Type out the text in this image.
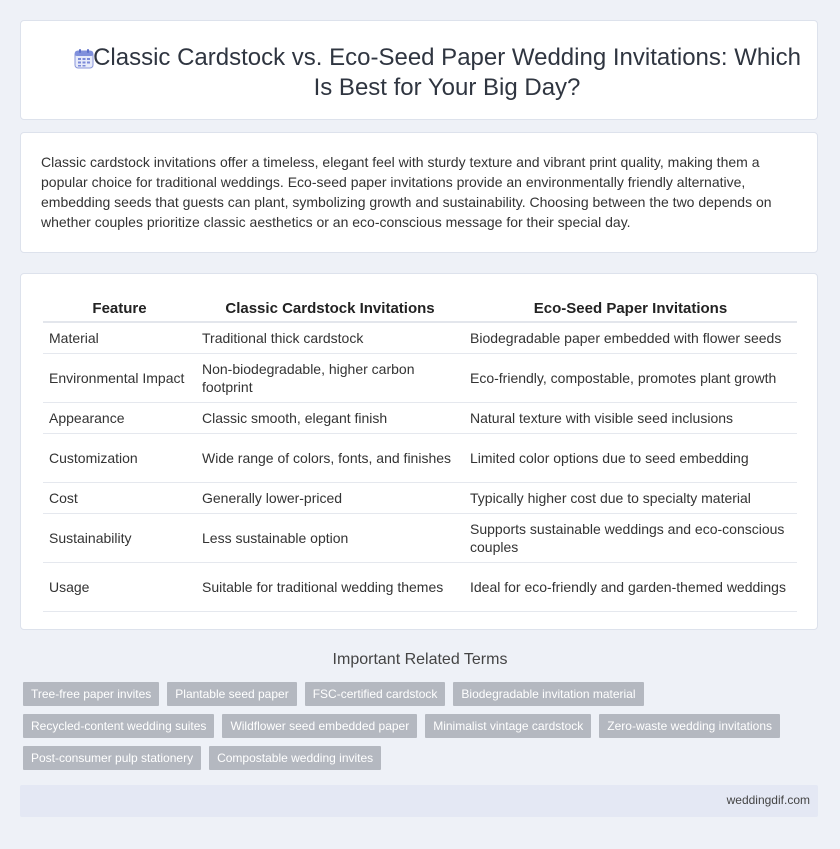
Classic Cardstock vs. Eco-Seed Paper Wedding Invitations: Which Is Best for Your Big Day?
Classic cardstock invitations offer a timeless, elegant feel with sturdy texture and vibrant print quality, making them a popular choice for traditional weddings. Eco-seed paper invitations provide an environmentally friendly alternative, embedding seeds that guests can plant, symbolizing growth and sustainability. Choosing between the two depends on whether couples prioritize classic aesthetics or an eco-conscious message for their special day.
Feature	Classic Cardstock Invitations	Eco-Seed Paper Invitations
Material	Traditional thick cardstock	Biodegradable paper embedded with flower seeds
Environmental Impact	Non-biodegradable, higher carbon footprint	Eco-friendly, compostable, promotes plant growth
Appearance	Classic smooth, elegant finish	Natural texture with visible seed inclusions
Customization	Wide range of colors, fonts, and finishes	Limited color options due to seed embedding
Cost	Generally lower-priced	Typically higher cost due to specialty material
Sustainability	Less sustainable option	Supports sustainable weddings and eco-conscious couples
Usage	Suitable for traditional wedding themes	Ideal for eco-friendly and garden-themed weddings
Important Related Terms
Tree-free paper invites	Plantable seed paper	FSC-certified cardstock	Biodegradable invitation material
Recycled-content wedding suites	Wildflower seed embedded paper	Minimalist vintage cardstock	Zero-waste wedding invitations
Post-consumer pulp stationery	Compostable wedding invites
weddingdif.com
